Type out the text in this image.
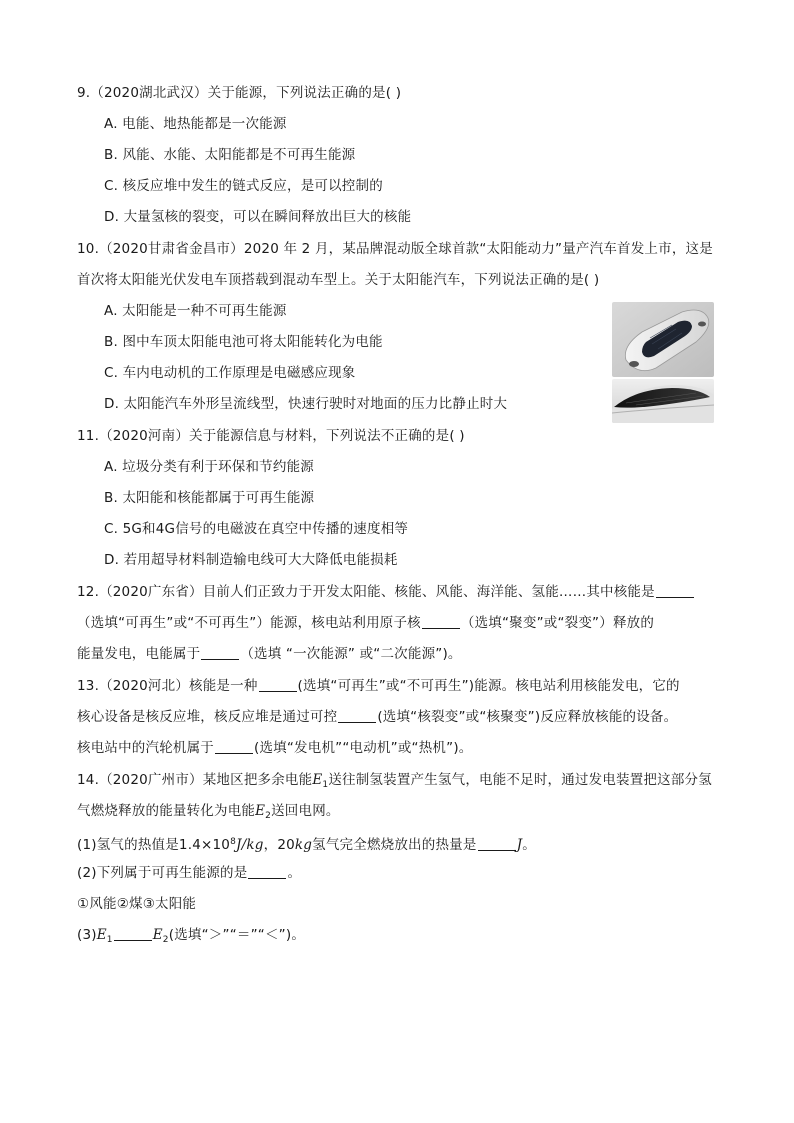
9.（2020湖北武汉）关于能源，下列说法正确的是( )
A. 电能、地热能都是一次能源
B. 风能、水能、太阳能都是不可再生能源
C. 核反应堆中发生的链式反应，是可以控制的
D. 大量氢核的裂变，可以在瞬间释放出巨大的核能
10.（2020甘肃省金昌市）2020 年 2 月，某品牌混动版全球首款“太阳能动力”量产汽车首发上市，这是
首次将太阳能光伏发电车顶搭载到混动车型上。关于太阳能汽车，下列说法正确的是( )
A. 太阳能是一种不可再生能源
B. 图中车顶太阳能电池可将太阳能转化为电能
C. 车内电动机的工作原理是电磁感应现象
D. 太阳能汽车外形呈流线型，快速行驶时对地面的压力比静止时大
11.（2020河南）关于能源信息与材料，下列说法不正确的是( )
A. 垃圾分类有利于环保和节约能源
B. 太阳能和核能都属于可再生能源
C. 5G和4G信号的电磁波在真空中传播的速度相等
D. 若用超导材料制造输电线可大大降低电能损耗
12.（2020广东省）目前人们正致力于开发太阳能、核能、风能、海洋能、氢能……其中核能是
（选填“可再生”或“不可再生”）能源，核电站利用原子核	（选填“聚变”或“裂变”）释放的
能量发电，电能属于	（选填 “一次能源” 或“二次能源”)。
13.（2020河北）核能是一种	(选填“可再生”或“不可再生”)能源。核电站利用核能发电，它的
核心设备是核反应堆，核反应堆是通过可控	(选填“核裂变”或“核聚变”)反应释放核能的设备。
核电站中的汽轮机属于	(选填“发电机”“电动机”或“热机”)。
14.（2020广州市）某地区把多余电能$E_1$送往制氢装置产生氢气，电能不足时，通过发电装置把这部分氢
气燃烧释放的能量转化为电能$E_2$送回电网。
(1)氢气的热值是$1.4\times 10^8J/kg$，20kg氢气完全燃烧放出的热量是	J。
(2)下列属于可再生能源的是	。
①风能②煤③太阳能
$(3)E_1$	$E_2$(选填“＞”“＝”“＜”)。
